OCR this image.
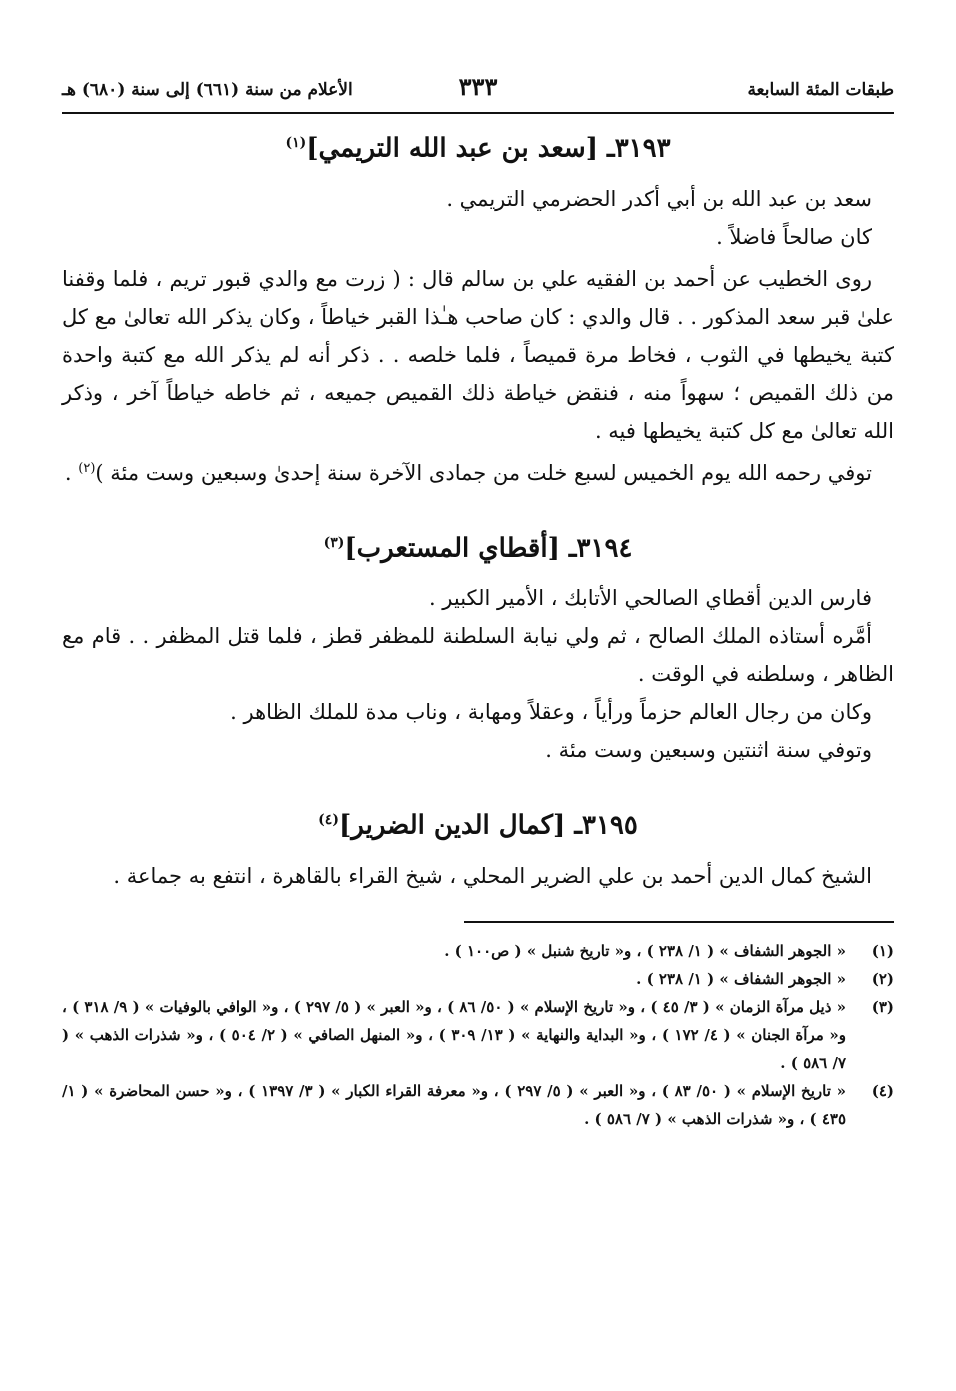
طبقات المئة السابعة
٣٣٣
الأعلام من سنة (٦٦١) إلى سنة (٦٨٠) هـ
٣١٩٣ـ [سعد بن عبد الله التريمي]$^{(١)}$

سعد بن عبد الله بن أبي أكدر الحضرمي التريمي .

كان صالحاً فاضلاً .

روى الخطيب عن أحمد بن الفقيه علي بن سالم قال : ( زرت مع والدي قبور تريم ، فلما وقفنا علىٰ قبر سعد المذكور . . قال والدي : كان صاحب هـٰذا القبر خياطاً ، وكان يذكر الله تعالىٰ مع كل كتبة يخيطها في الثوب ، فخاط مرة قميصاً ، فلما خلصه . . ذكر أنه لم يذكر الله مع كتبة واحدة من ذلك القميص ؛ سهواً منه ، فنقض خياطة ذلك القميص جميعه ، ثم خاطه خياطاً آخر ، وذكر الله تعالىٰ مع كل كتبة يخيطها فيه .

توفي رحمه الله يوم الخميس لسبع خلت من جمادى الآخرة سنة إحدىٰ وسبعين وست مئة )$^{(٢)}$ .

٣١٩٤ـ [أقطاي المستعرب]$^{(٣)}$

فارس الدين أقطاي الصالحي الأتابك ، الأمير الكبير .

أمَّره أستاذه الملك الصالح ، ثم ولي نيابة السلطنة للمظفر قطز ، فلما قتل المظفر . . قام مع الظاهر ، وسلطنه في الوقت .

وكان من رجال العالم حزماً ورأياً ، وعقلاً ومهابة ، وناب مدة للملك الظاهر .

وتوفي سنة اثنتين وسبعين وست مئة .

٣١٩٥ـ [كمال الدين الضرير]$^{(٤)}$

الشيخ كمال الدين أحمد بن علي الضرير المحلي ، شيخ القراء بالقاهرة ، انتفع به جماعة .

(١)
« الجوهر الشفاف » ( ١/ ٢٣٨ ) ، و« تاريخ شنبل » ( ص١٠٠ ) .
(٢)
« الجوهر الشفاف » ( ١/ ٢٣٨ ) .
(٣)
« ذيل مرآة الزمان » ( ٣/ ٤٥ ) ، و« تاريخ الإسلام » ( ٥٠/ ٨٦ ) ، و« العبر » ( ٥/ ٢٩٧ ) ، و« الوافي بالوفيات » ( ٩/ ٣١٨ ) ، و« مرآة الجنان » ( ٤/ ١٧٢ ) ، و« البداية والنهاية » ( ١٣/ ٣٠٩ ) ، و« المنهل الصافي » ( ٢/ ٥٠٤ ) ، و« شذرات الذهب » ( ٧/ ٥٨٦ ) .
(٤)
« تاريخ الإسلام » ( ٥٠/ ٨٣ ) ، و« العبر » ( ٥/ ٢٩٧ ) ، و« معرفة القراء الكبار » ( ٣/ ١٣٩٧ ) ، و« حسن المحاضرة » ( ١/ ٤٣٥ ) ، و« شذرات الذهب » ( ٧/ ٥٨٦ ) .
